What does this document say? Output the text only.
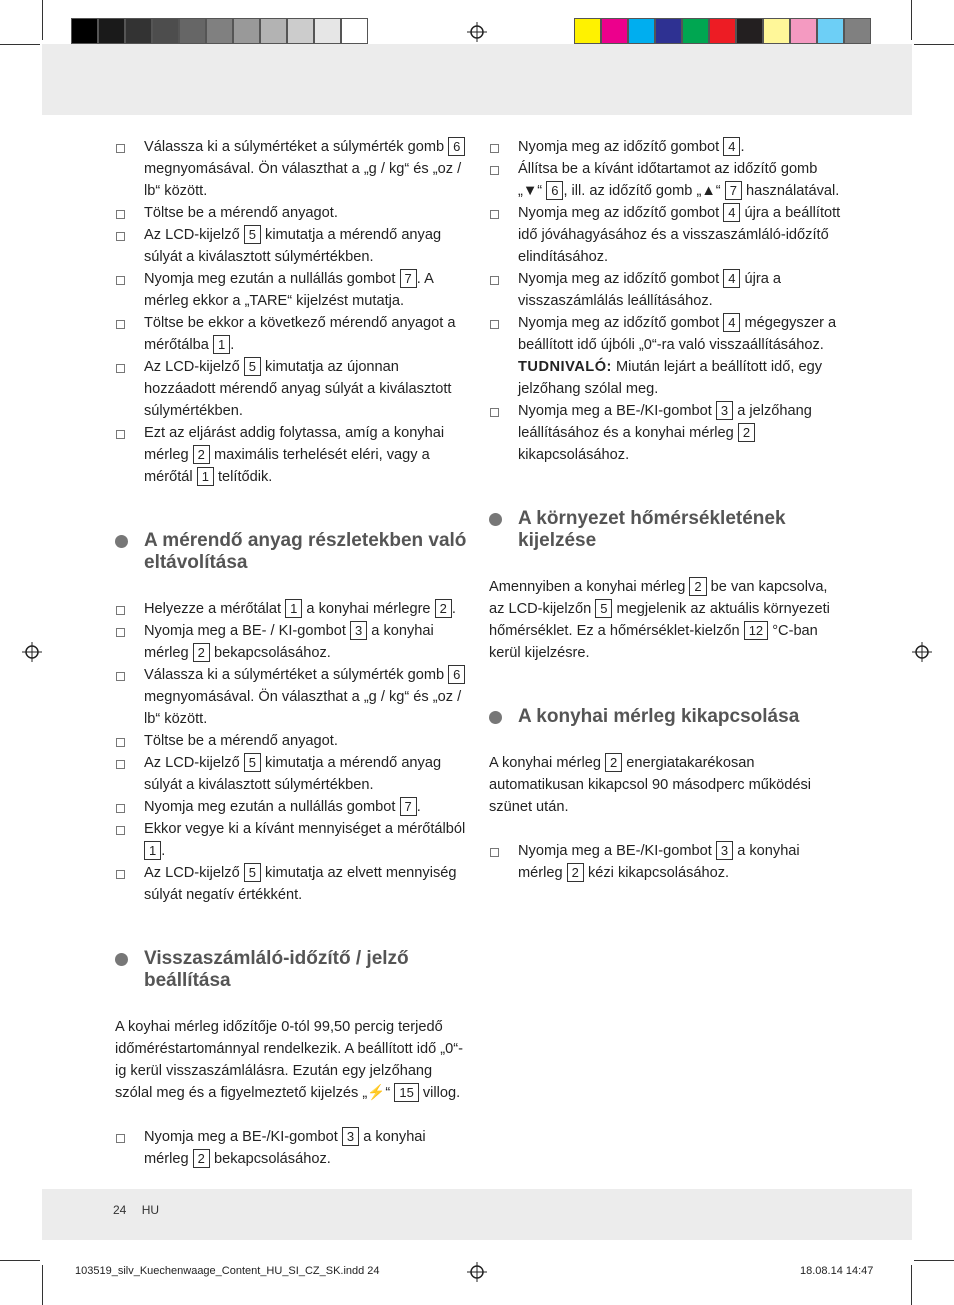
Válassza ki a súlymértéket a súlymérték gomb 6 megnyomásával. Ön választhat a „g / kg“ és „oz / lb“ között.
Töltse be a mérendő anyagot.
Az LCD-kijelző 5 kimutatja a mérendő anyag súlyát a kiválasztott súlymértékben.
Nyomja meg ezután a nullállás gombot 7 . A mérleg ekkor a „TARE“ kijelzést mutatja.
Töltse be ekkor a következő mérendő anyagot a mérőtálba 1 .
Az LCD-kijelző 5 kimutatja az újonnan hozzáadott mérendő anyag súlyát a kiválasztott súlymértékben.
Ezt az eljárást addig folytassa, amíg a konyhai mérleg 2 maximális terhelését eléri, vagy a mérőtál 1 telítődik.
A mérendő anyag részletekben való eltávolítása
Helyezze a mérőtálat 1 a konyhai mérlegre 2 .
Nyomja meg a BE- / KI-gombot 3 a konyhai mérleg 2 bekapcsolásához.
Válassza ki a súlymértéket a súlymérték gomb 6 megnyomásával. Ön választhat a „g / kg“ és „oz / lb“ között.
Töltse be a mérendő anyagot.
Az LCD-kijelző 5 kimutatja a mérendő anyag súlyát a kiválasztott súlymértékben.
Nyomja meg ezután a nullállás gombot 7 .
Ekkor vegye ki a kívánt mennyiséget a mérőtálból 1 .
Az LCD-kijelző 5 kimutatja az elvett mennyiség súlyát negatív értékként.
Visszaszámláló-időzítő / jelző beállítása

A koyhai mérleg időzítője 0-tól 99,50 percig terjedő időméréstartománnyal rendelkezik. A beállított idő „0“-ig kerül visszaszámlálásra. Ezután egy jelzőhang szólal meg és a figyelmeztető kijelzés „⚡“ 15 villog.

Nyomja meg a BE-/KI-gombot 3 a konyhai mérleg 2 bekapcsolásához.
Nyomja meg az időzítő gombot 4 .
Állítsa be a kívánt időtartamot az időzítő gomb „▼“ 6 , ill. az időzítő gomb „▲“ 7 használatával.
Nyomja meg az időzítő gombot 4 újra a beállított idő jóváhagyásához és a visszaszámláló-időzítő elindításához.
Nyomja meg az időzítő gombot 4 újra a visszaszámlálás leállításához.
Nyomja meg az időzítő gombot 4 mégegyszer a beállított idő újbóli „0“-ra való visszaállításához.

TUDNIVALÓ: Miután lejárt a beállított idő, egy jelzőhang szólal meg.

Nyomja meg a BE-/KI-gombot 3 a jelzőhang leállításához és a konyhai mérleg 2 kikapcsolásához.
A környezet hőmérsékletének kijelzése

Amennyiben a konyhai mérleg 2 be van kapcsolva, az LCD-kijelzőn 5 megjelenik az aktuális környezeti hőmérséklet. Ez a hőmérséklet-kielzőn 12 °C-ban kerül kijelzésre.

A konyhai mérleg kikapcsolása

A konyhai mérleg 2 energiatakarékosan automatikusan kikapcsol 90 másodperc működési szünet után.

Nyomja meg a BE-/KI-gombot 3 a konyhai mérleg 2 kézi kikapcsolásához.
24 HU
103519_silv_Kuechenwaage_Content_HU_SI_CZ_SK.indd 24	18.08.14 14:47
